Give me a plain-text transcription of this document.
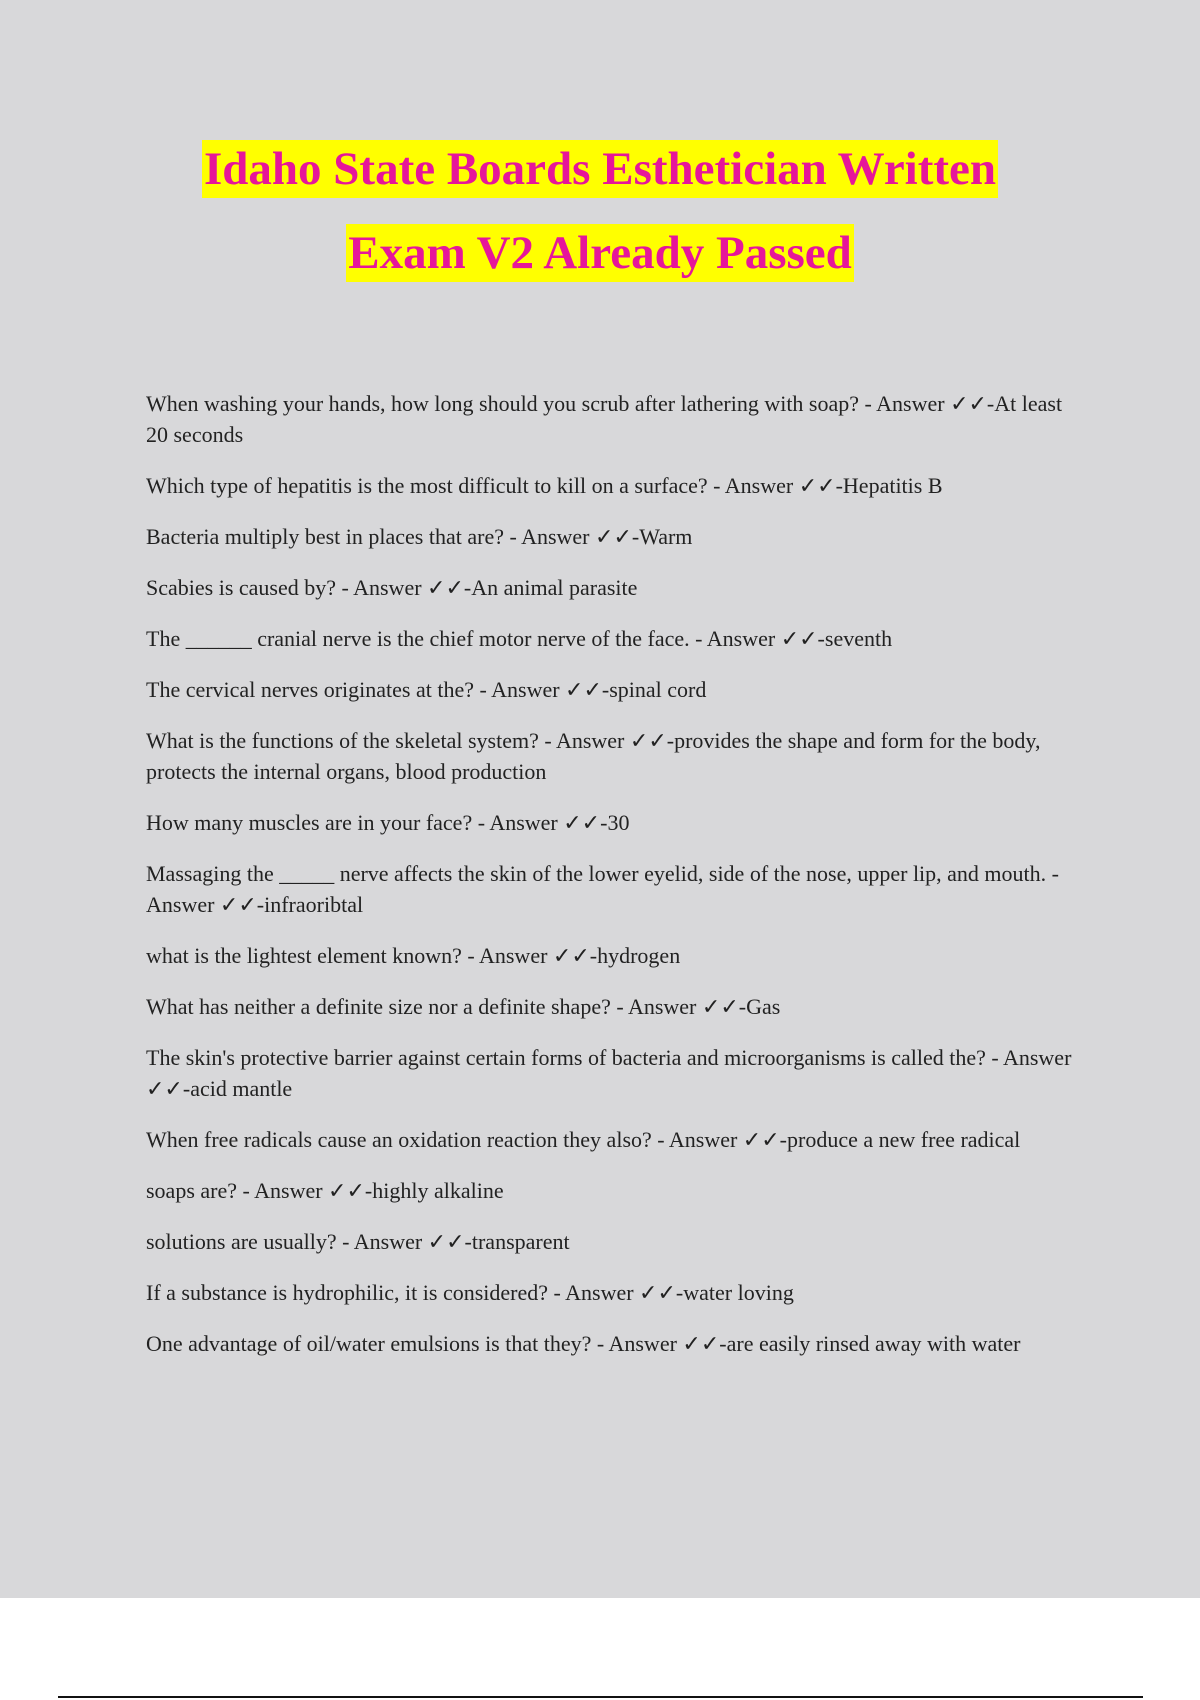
Idaho State Boards Esthetician Written
Exam V2 Already Passed
When washing your hands, how long should you scrub after lathering with soap? - Answer ✓✓-At least 20 seconds
Which type of hepatitis is the most difficult to kill on a surface? - Answer ✓✓-Hepatitis B
Bacteria multiply best in places that are? - Answer ✓✓-Warm
Scabies is caused by? - Answer ✓✓-An animal parasite
The ______ cranial nerve is the chief motor nerve of the face. - Answer ✓✓-seventh
The cervical nerves originates at the? - Answer ✓✓-spinal cord
What is the functions of the skeletal system? - Answer ✓✓-provides the shape and form for the body, protects the internal organs, blood production
How many muscles are in your face? - Answer ✓✓-30
Massaging the _____ nerve affects the skin of the lower eyelid, side of the nose, upper lip, and mouth. - Answer ✓✓-infraoribtal
what is the lightest element known? - Answer ✓✓-hydrogen
What has neither a definite size nor a definite shape? - Answer ✓✓-Gas
The skin's protective barrier against certain forms of bacteria and microorganisms is called the? - Answer ✓✓-acid mantle
When free radicals cause an oxidation reaction they also? - Answer ✓✓-produce a new free radical
soaps are? - Answer ✓✓-highly alkaline
solutions are usually? - Answer ✓✓-transparent
If a substance is hydrophilic, it is considered? - Answer ✓✓-water loving
One advantage of oil/water emulsions is that they? - Answer ✓✓-are easily rinsed away with water
